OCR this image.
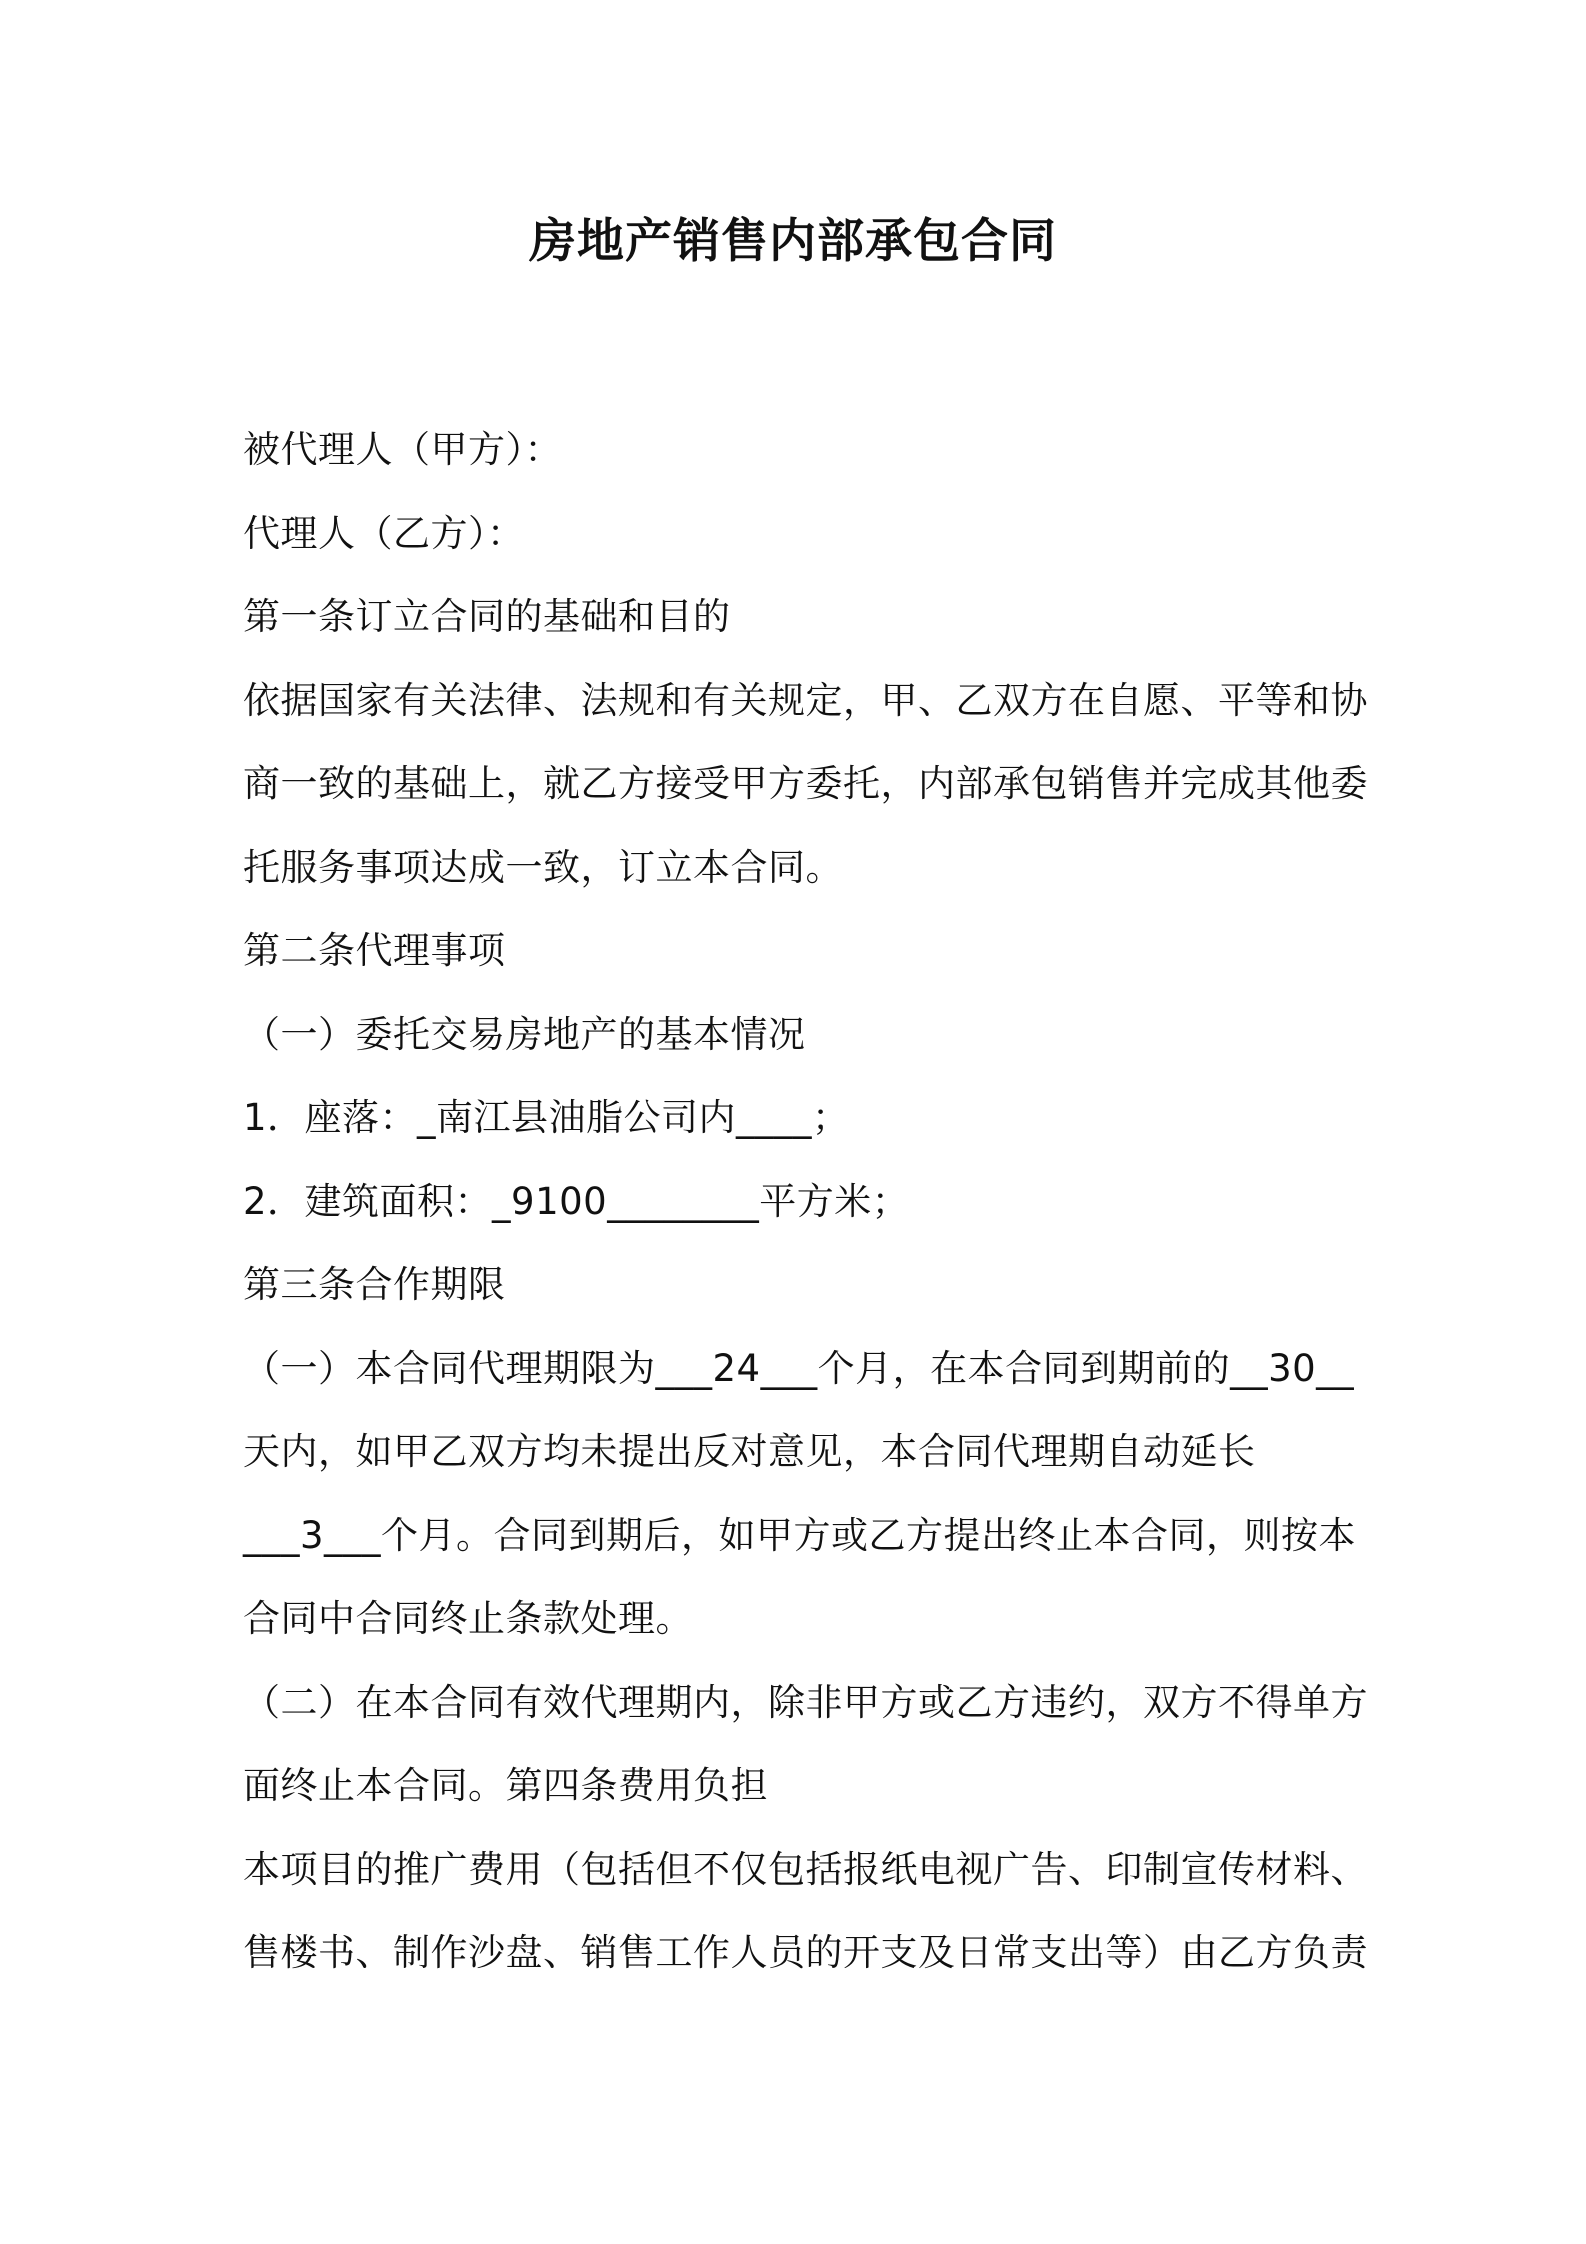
房地产销售内部承包合同
被代理人（甲方）：
代理人（乙方）：
第一条订立合同的基础和目的
依据国家有关法律、法规和有关规定，甲、乙双方在自愿、平等和协
商一致的基础上，就乙方接受甲方委托，内部承包销售并完成其他委
托服务事项达成一致，订立本合同。
第二条代理事项
（一）委托交易房地产的基本情况
1．座落：_南江县油脂公司内____；
2．建筑面积：_9100________平方米；
第三条合作期限
（一）本合同代理期限为___24___个月，在本合同到期前的__30__
天内，如甲乙双方均未提出反对意见，本合同代理期自动延长
___3___个月。合同到期后，如甲方或乙方提出终止本合同，则按本
合同中合同终止条款处理。
（二）在本合同有效代理期内，除非甲方或乙方违约，双方不得单方
面终止本合同。第四条费用负担
本项目的推广费用（包括但不仅包括报纸电视广告、印制宣传材料、
售楼书、制作沙盘、销售工作人员的开支及日常支出等）由乙方负责
